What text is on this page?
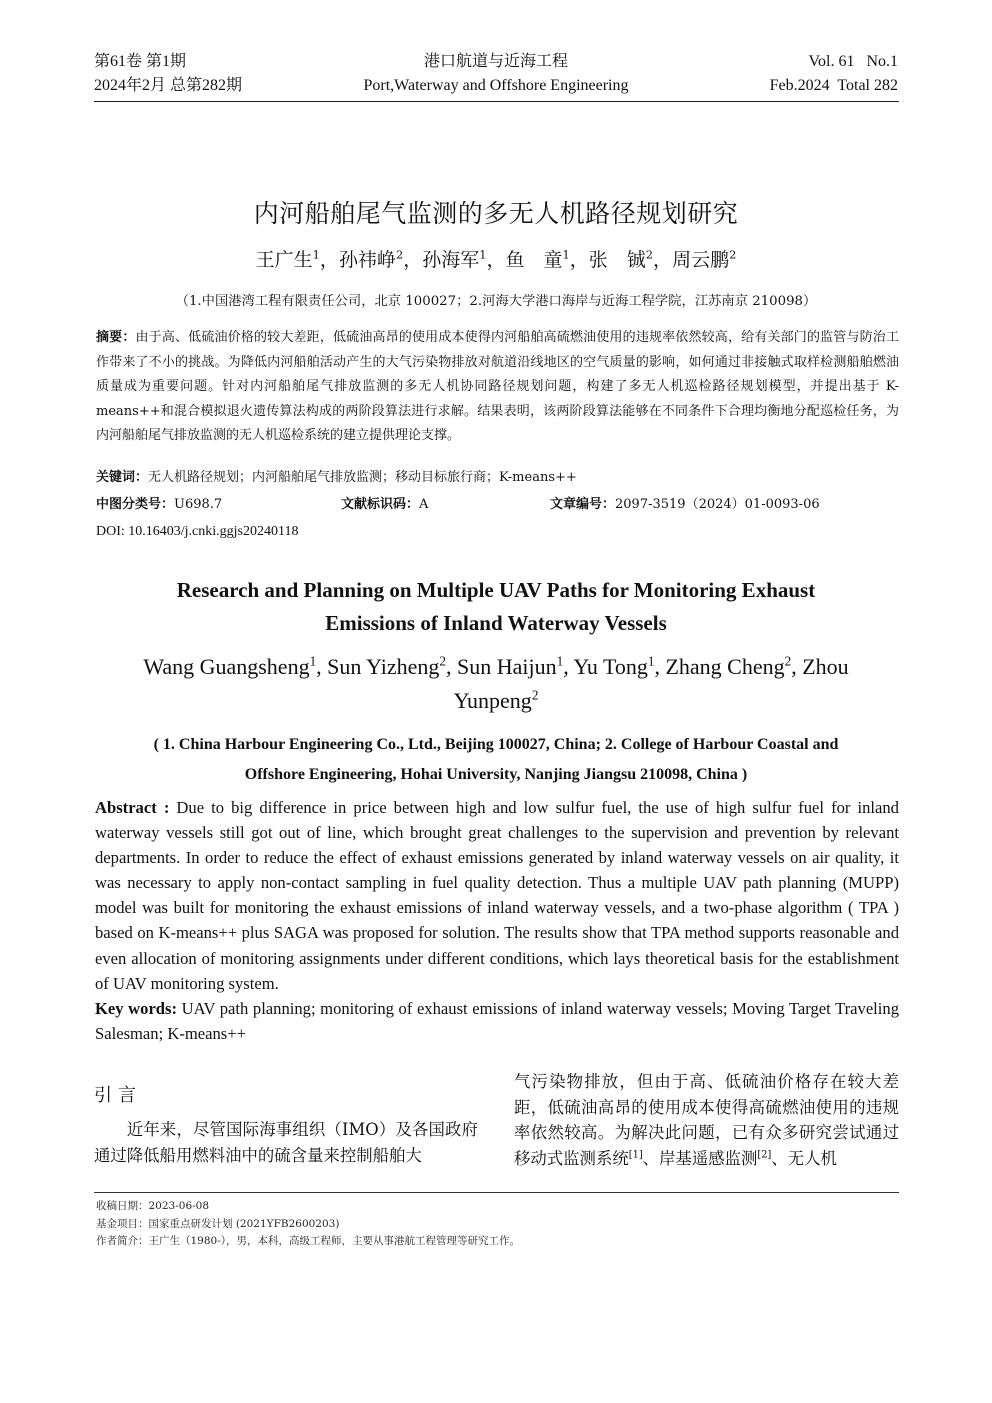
第61卷 第1期
2024年2月 总第282期
港口航道与近海工程
Port,Waterway and Offshore Engineering
Vol. 61   No.1
Feb.2024  Total 282
内河船舶尾气监测的多无人机路径规划研究
王广生$^1$，孙祎峥$^2$，孙海军$^1$，鱼　童$^1$，张　铖$^2$，周云鹏$^2$
（1.中国港湾工程有限责任公司，北京 100027；2.河海大学港口海岸与近海工程学院，江苏南京 210098）
摘要：由于高、低硫油价格的较大差距，低硫油高昂的使用成本使得内河船舶高硫燃油使用的违规率依然较高，给有关部门的监管与防治工作带来了不小的挑战。为降低内河船舶活动产生的大气污染物排放对航道沿线地区的空气质量的影响，如何通过非接触式取样检测船舶燃油质量成为重要问题。针对内河船舶尾气排放监测的多无人机协同路径规划问题，构建了多无人机巡检路径规划模型，并提出基于 K-means++和混合模拟退火遗传算法构成的两阶段算法进行求解。结果表明，该两阶段算法能够在不同条件下合理均衡地分配巡检任务，为内河船舶尾气排放监测的无人机巡检系统的建立提供理论支撑。
关键词：无人机路径规划；内河船舶尾气排放监测；移动目标旅行商；K-means++
中图分类号：U698.7	文献标识码：A	文章编号：2097-3519（2024）01-0093-06
DOI: 10.16403/j.cnki.ggjs20240118
Research and Planning on Multiple UAV Paths for Monitoring Exhaust
Emissions of Inland Waterway Vessels
Wang Guangsheng$^1$, Sun Yizheng$^2$, Sun Haijun$^1$, Yu Tong$^1$, Zhang Cheng$^2$, Zhou Yunpeng$^2$
( 1. China Harbour Engineering Co., Ltd., Beijing 100027, China; 2. College of Harbour Coastal and
Offshore Engineering, Hohai University, Nanjing Jiangsu 210098, China )
Abstract : Due to big difference in price between high and low sulfur fuel, the use of high sulfur fuel for inland waterway vessels still got out of line, which brought great challenges to the supervision and prevention by relevant departments. In order to reduce the effect of exhaust emissions generated by inland waterway vessels on air quality, it was necessary to apply non-contact sampling in fuel quality detection. Thus a multiple UAV path planning (MUPP) model was built for monitoring the exhaust emissions of inland waterway vessels, and a two-phase algorithm ( TPA ) based on K-means++ plus SAGA was proposed for solution. The results show that TPA method supports reasonable and even allocation of monitoring assignments under different conditions, which lays theoretical basis for the establishment of UAV monitoring system.
Key words: UAV path planning; monitoring of exhaust emissions of inland waterway vessels; Moving Target Traveling Salesman; K-means++
引言
近年来，尽管国际海事组织（IMO）及各国政府通过降低船用燃料油中的硫含量来控制船舶大
气污染物排放，但由于高、低硫油价格存在较大差距，低硫油高昂的使用成本使得高硫燃油使用的违规率依然较高。为解决此问题，已有众多研究尝试通过移动式监测系统[1]、岸基遥感监测[2]、无人机
收稿日期：2023-06-08
基金项目：国家重点研发计划 (2021YFB2600203)
作者简介：王广生（1980-），男，本科，高级工程师，主要从事港航工程管理等研究工作。
